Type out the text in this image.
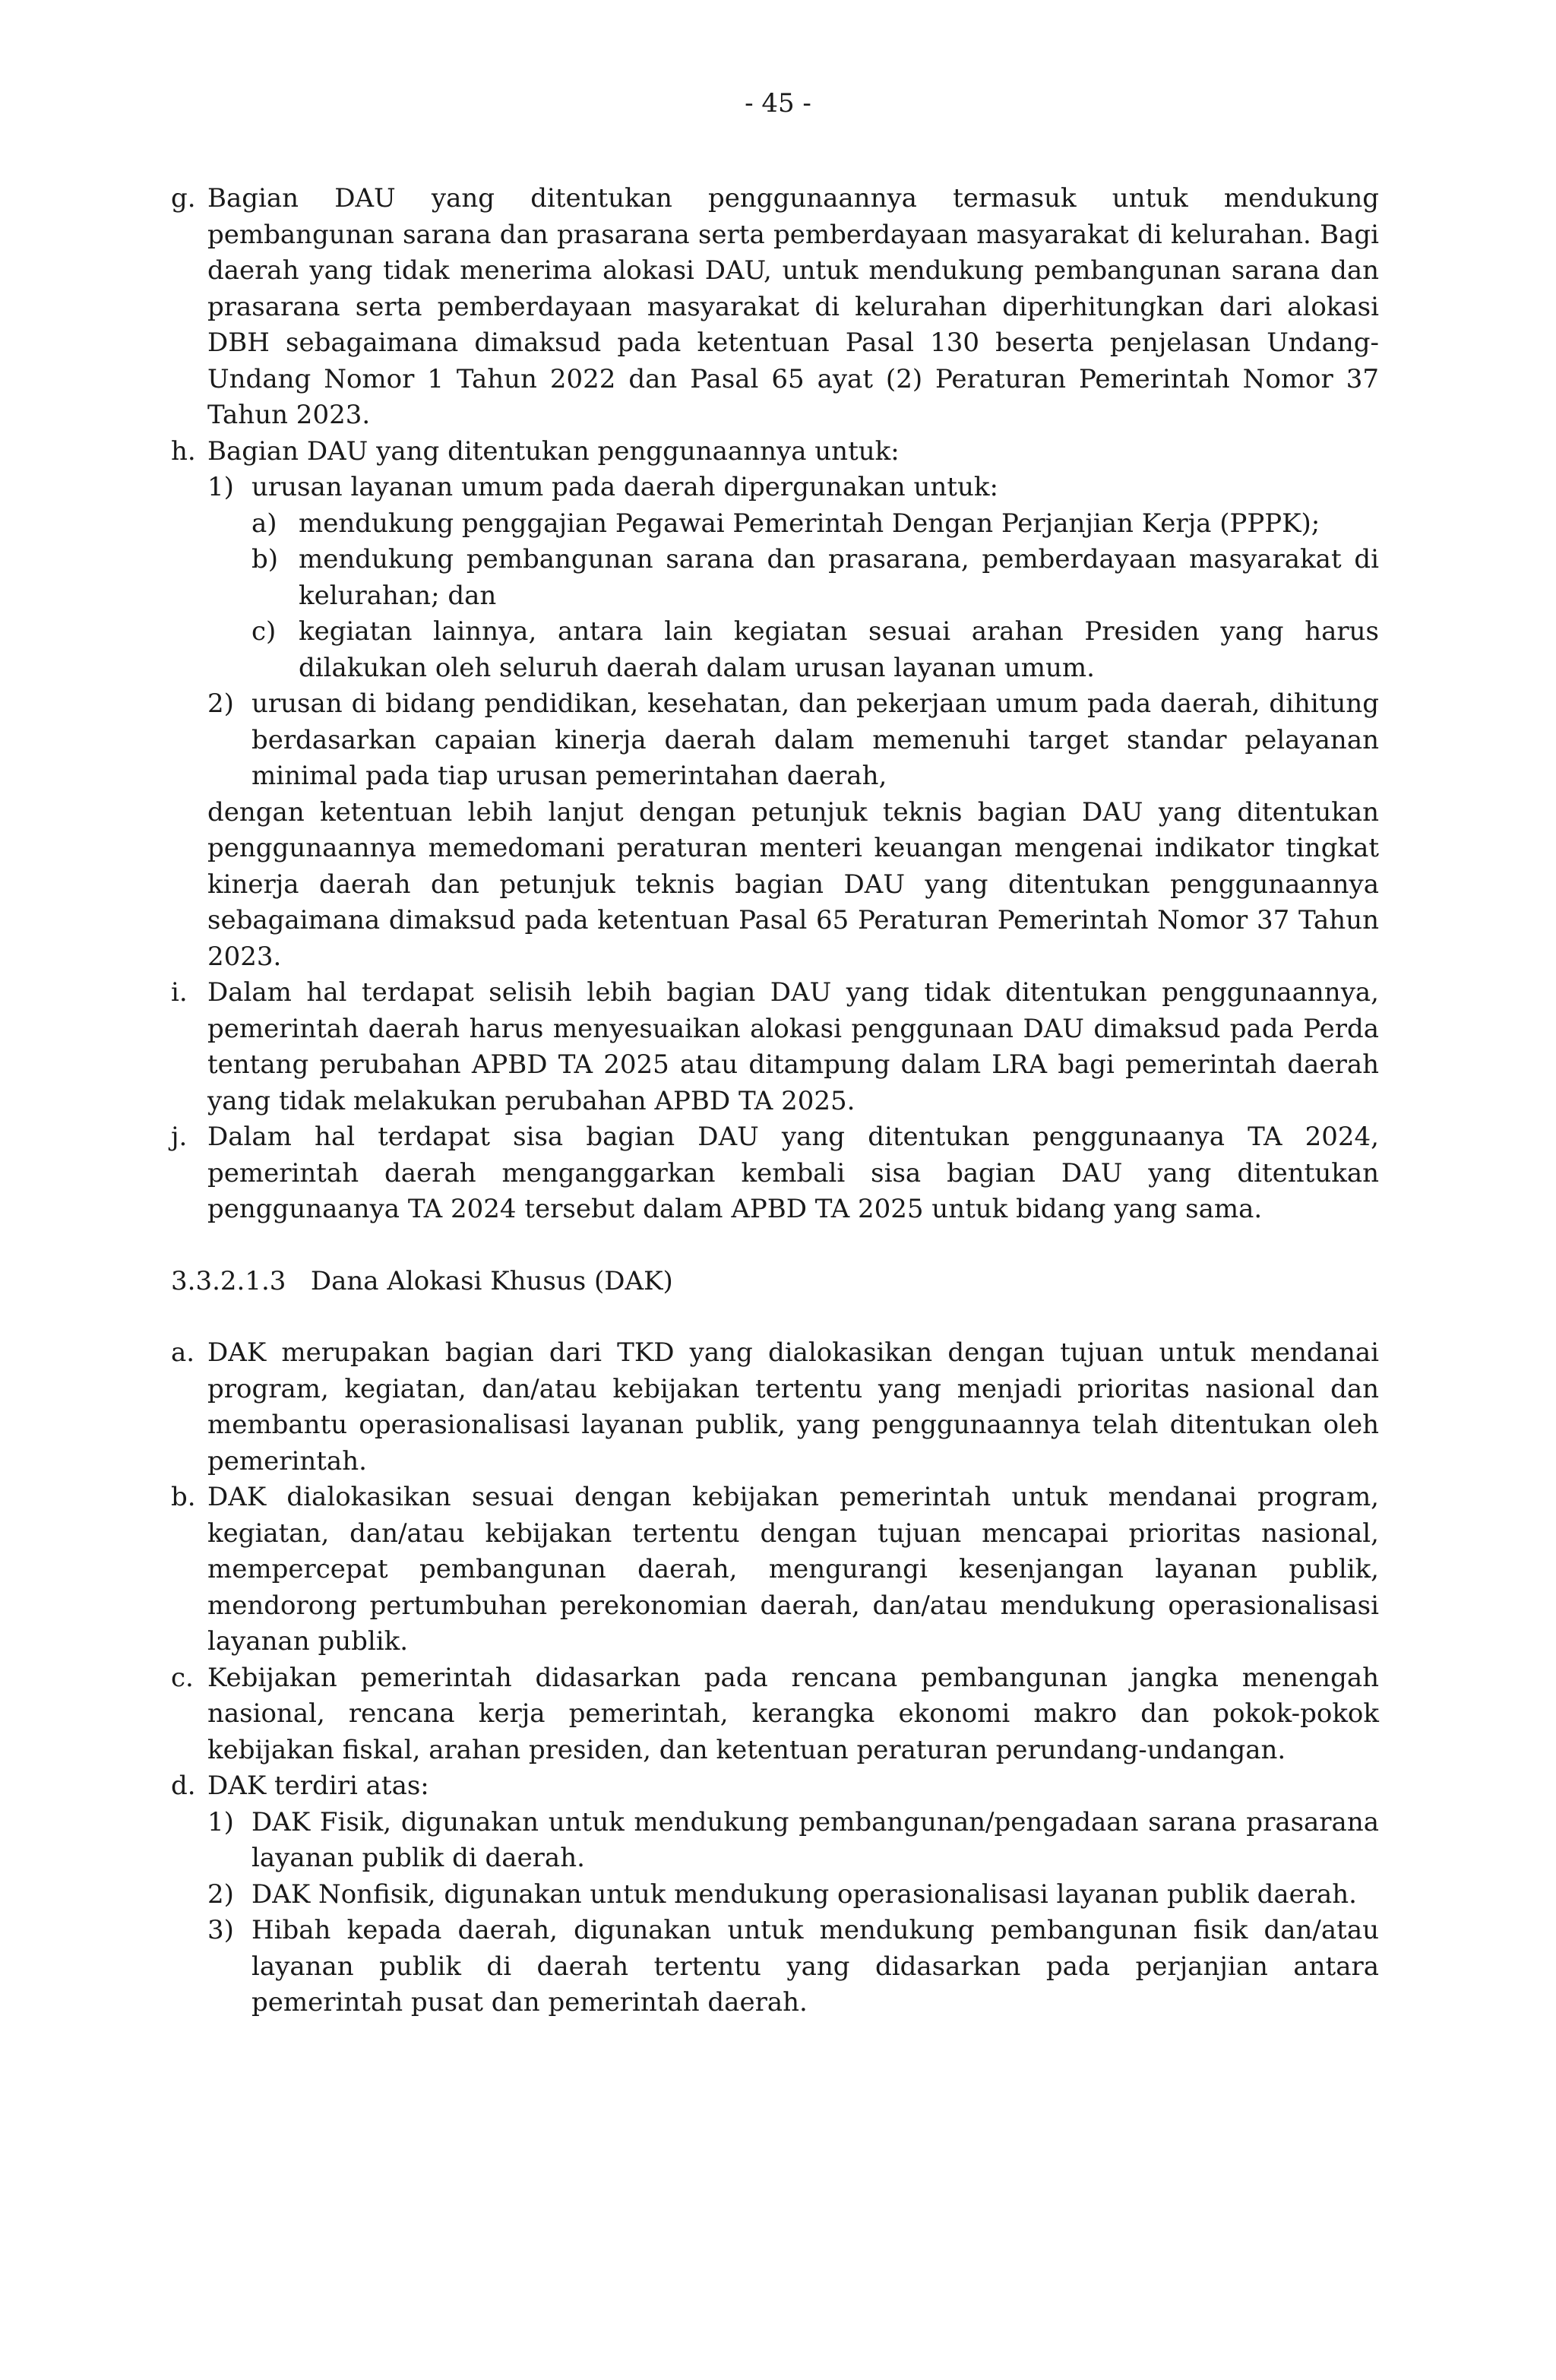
- 45 -
g. Bagian DAU yang ditentukan penggunaannya termasuk untuk mendukung pembangunan sarana dan prasarana serta pemberdayaan masyarakat di kelurahan. Bagi daerah yang tidak menerima alokasi DAU, untuk mendukung pembangunan sarana dan prasarana serta pemberdayaan masyarakat di kelurahan diperhitungkan dari alokasi DBH sebagaimana dimaksud pada ketentuan Pasal 130 beserta penjelasan Undang-Undang Nomor 1 Tahun 2022 dan Pasal 65 ayat (2) Peraturan Pemerintah Nomor 37 Tahun 2023.
h. Bagian DAU yang ditentukan penggunaannya untuk:
1) urusan layanan umum pada daerah dipergunakan untuk:
a) mendukung penggajian Pegawai Pemerintah Dengan Perjanjian Kerja (PPPK);
b) mendukung pembangunan sarana dan prasarana, pemberdayaan masyarakat di kelurahan; dan
c) kegiatan lainnya, antara lain kegiatan sesuai arahan Presiden yang harus dilakukan oleh seluruh daerah dalam urusan layanan umum.
2) urusan di bidang pendidikan, kesehatan, dan pekerjaan umum pada daerah, dihitung berdasarkan capaian kinerja daerah dalam memenuhi target standar pelayanan minimal pada tiap urusan pemerintahan daerah,
dengan ketentuan lebih lanjut dengan petunjuk teknis bagian DAU yang ditentukan penggunaannya memedomani peraturan menteri keuangan mengenai indikator tingkat kinerja daerah dan petunjuk teknis bagian DAU yang ditentukan penggunaannya sebagaimana dimaksud pada ketentuan Pasal 65 Peraturan Pemerintah Nomor 37 Tahun 2023.
i. Dalam hal terdapat selisih lebih bagian DAU yang tidak ditentukan penggunaannya, pemerintah daerah harus menyesuaikan alokasi penggunaan DAU dimaksud pada Perda tentang perubahan APBD TA 2025 atau ditampung dalam LRA bagi pemerintah daerah yang tidak melakukan perubahan APBD TA 2025.
j. Dalam hal terdapat sisa bagian DAU yang ditentukan penggunaanya TA 2024, pemerintah daerah menganggarkan kembali sisa bagian DAU yang ditentukan penggunaanya TA 2024 tersebut dalam APBD TA 2025 untuk bidang yang sama.
3.3.2.1.3 Dana Alokasi Khusus (DAK)
a. DAK merupakan bagian dari TKD yang dialokasikan dengan tujuan untuk mendanai program, kegiatan, dan/atau kebijakan tertentu yang menjadi prioritas nasional dan membantu operasionalisasi layanan publik, yang penggunaannya telah ditentukan oleh pemerintah.
b. DAK dialokasikan sesuai dengan kebijakan pemerintah untuk mendanai program, kegiatan, dan/atau kebijakan tertentu dengan tujuan mencapai prioritas nasional, mempercepat pembangunan daerah, mengurangi kesenjangan layanan publik, mendorong pertumbuhan perekonomian daerah, dan/atau mendukung operasionalisasi layanan publik.
c. Kebijakan pemerintah didasarkan pada rencana pembangunan jangka menengah nasional, rencana kerja pemerintah, kerangka ekonomi makro dan pokok-pokok kebijakan fiskal, arahan presiden, dan ketentuan peraturan perundang-undangan.
d. DAK terdiri atas:
1) DAK Fisik, digunakan untuk mendukung pembangunan/pengadaan sarana prasarana layanan publik di daerah.
2) DAK Nonfisik, digunakan untuk mendukung operasionalisasi layanan publik daerah.
3) Hibah kepada daerah, digunakan untuk mendukung pembangunan fisik dan/atau layanan publik di daerah tertentu yang didasarkan pada perjanjian antara pemerintah pusat dan pemerintah daerah.
